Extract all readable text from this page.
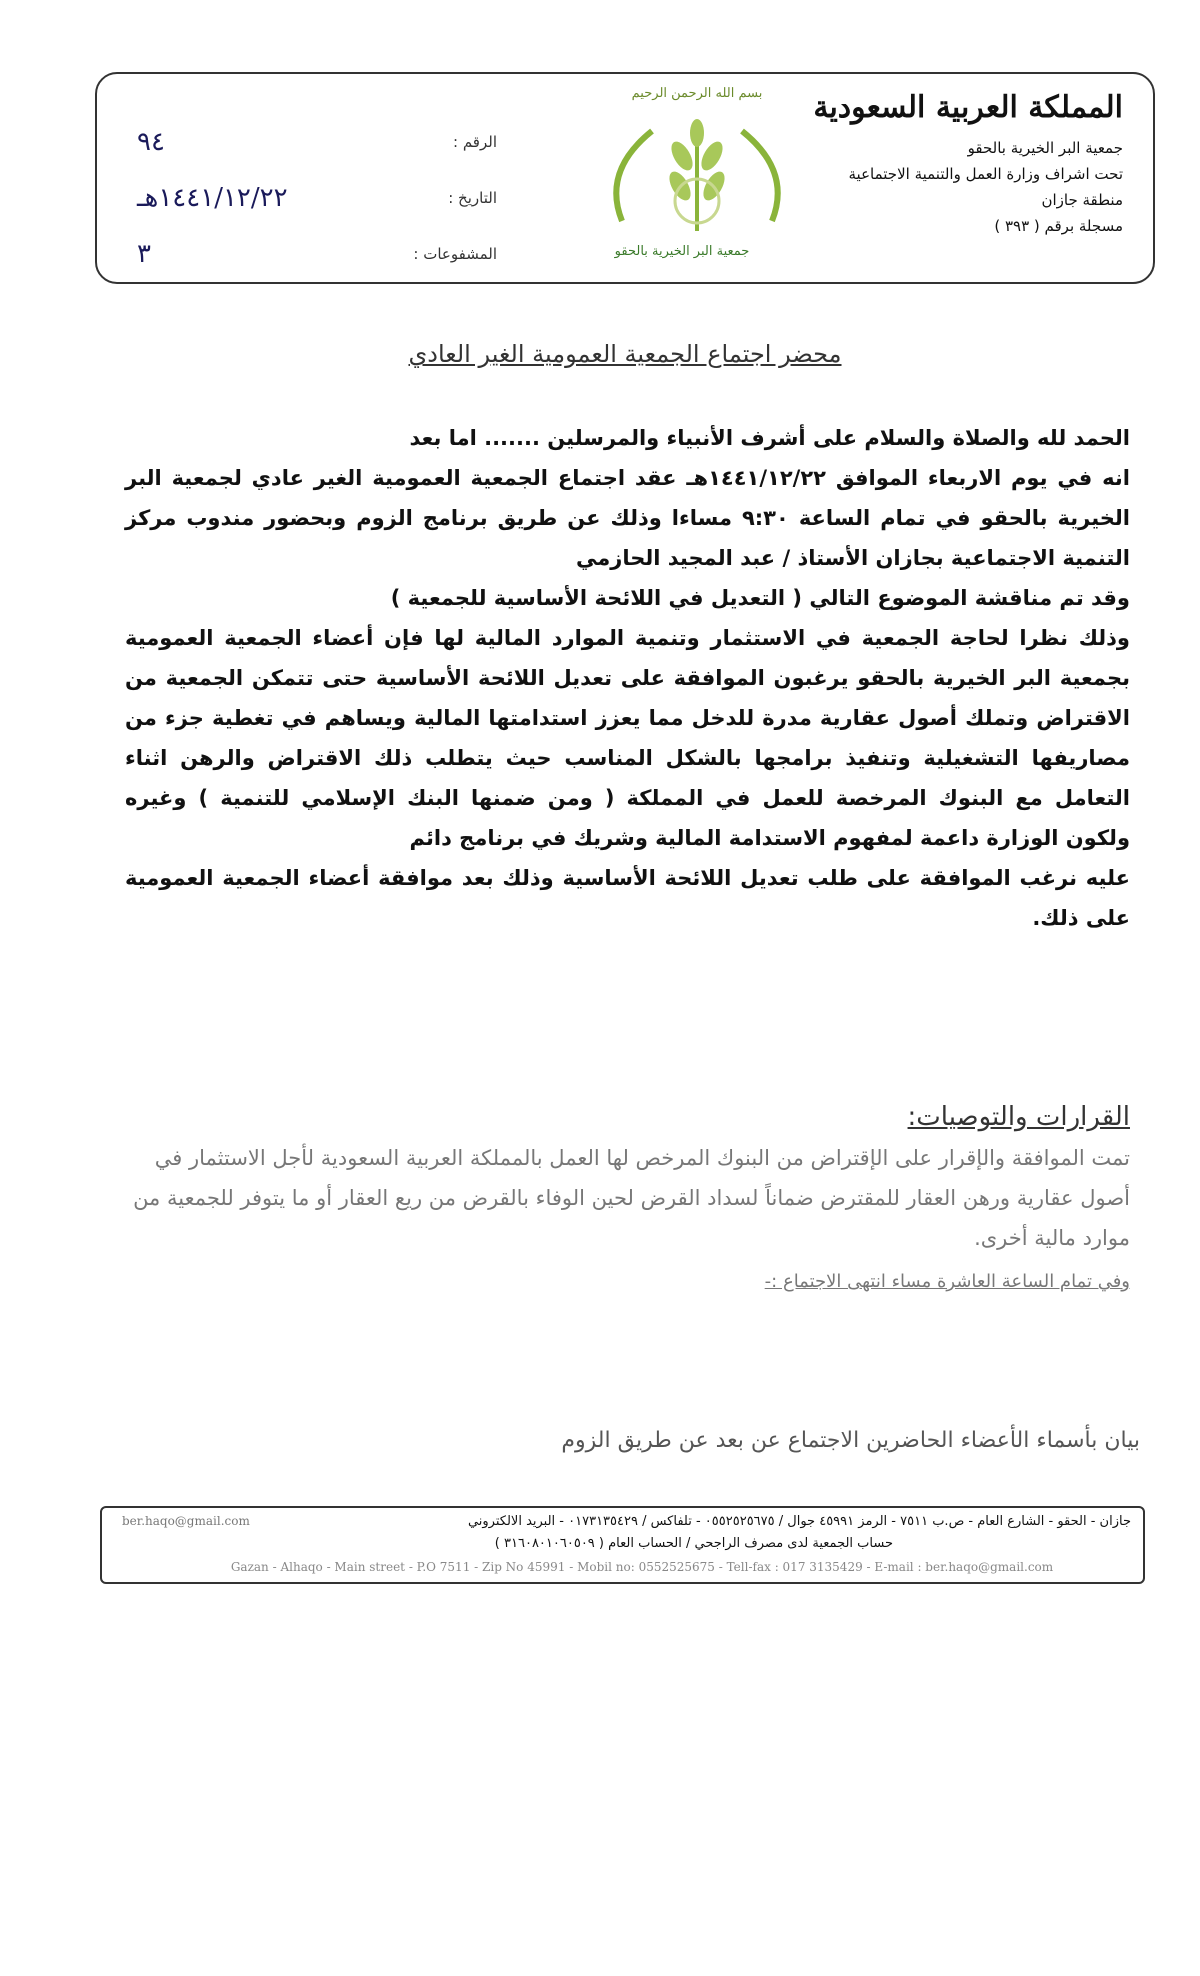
المملكة العربية السعودية
جمعية البر الخيرية بالحقو
تحت اشراف وزارة العمل والتنمية الاجتماعية
منطقة جازان
مسجلة برقم ( ٣٩٣ )
بسم الله الرحمن الرحيم
جمعية البر الخيرية بالحقو
الرقم :
٩٤
التاريخ :
١٤٤١/١٢/٢٢هـ
المشفوعات :
٣
محضر اجتماع الجمعية العمومية الغير العادي

الحمد لله والصلاة والسلام على أشرف الأنبياء والمرسلين ....... اما بعد

انه في يوم الاربعاء الموافق ١٤٤١/١٢/٢٢هـ عقد اجتماع الجمعية العمومية الغير عادي لجمعية البر الخيرية بالحقو في تمام الساعة ٩:٣٠ مساءا وذلك عن طريق برنامج الزوم وبحضور مندوب مركز التنمية الاجتماعية بجازان الأستاذ / عبد المجيد الحازمي

وقد تم مناقشة الموضوع التالي ( التعديل في اللائحة الأساسية للجمعية )

وذلك نظرا لحاجة الجمعية في الاستثمار وتنمية الموارد المالية لها فإن أعضاء الجمعية العمومية بجمعية البر الخيرية بالحقو يرغبون الموافقة على تعديل اللائحة الأساسية حتى تتمكن الجمعية من الاقتراض وتملك أصول عقارية مدرة للدخل مما يعزز استدامتها المالية ويساهم في تغطية جزء من مصاريفها التشغيلية وتنفيذ برامجها بالشكل المناسب حيث يتطلب ذلك الاقتراض والرهن اثناء التعامل مع البنوك المرخصة للعمل في المملكة ( ومن ضمنها البنك الإسلامي للتنمية ) وغيره ولكون الوزارة داعمة لمفهوم الاستدامة المالية وشريك في برنامج دائم

عليه نرغب الموافقة على طلب تعديل اللائحة الأساسية وذلك بعد موافقة أعضاء الجمعية العمومية على ذلك.

القرارات والتوصيات:

تمت الموافقة والإقرار على الإقتراض من البنوك المرخص لها العمل بالمملكة العربية السعودية لأجل الاستثمار في أصول عقارية ورهن العقار للمقترض ضماناً لسداد القرض لحين الوفاء بالقرض من ريع العقار أو ما يتوفر للجمعية من موارد مالية أخرى.

وفي تمام الساعة العاشرة مساء انتهى الاجتماع :-

بيان بأسماء الأعضاء الحاضرين الاجتماع عن بعد عن طريق الزوم
ber.haqo@gmail.com	جازان - الحقو - الشارع العام - ص.ب ٧٥١١ - الرمز ٤٥٩٩١ جوال / ٠٥٥٢٥٢٥٦٧٥ - تلفاكس / ٠١٧٣١٣٥٤٢٩ - البريد الالكتروني
حساب الجمعية لدى مصرف الراجحي / الحساب العام ( ٣١٦٠٨٠١٠٦٠٥٠٩ )
Gazan - Alhaqo - Main street - P.O 7511 - Zip No 45991 - Mobil no: 0552525675 - Tell-fax : 017 3135429 - E-mail : ber.haqo@gmail.com
